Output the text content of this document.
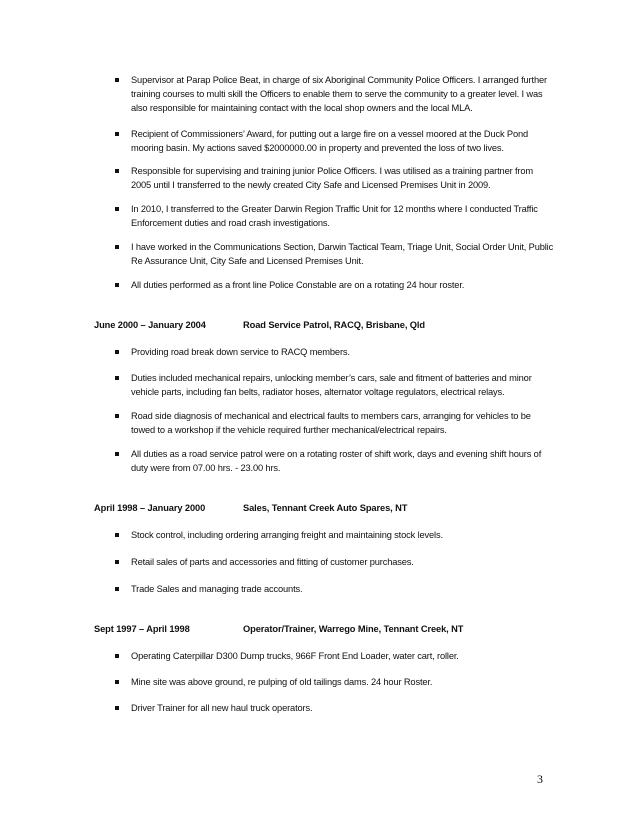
Supervisor at Parap Police Beat, in charge of six Aboriginal Community Police Officers. I arranged further training courses to multi skill the Officers to enable them to serve the community to a greater level. I was also responsible for maintaining contact with the local shop owners and the local MLA.
Recipient of Commissioners’ Award, for putting out a large fire on a vessel moored at the Duck Pond mooring basin. My actions saved $2000000.00 in property and prevented the loss of two lives.
Responsible for supervising and training junior Police Officers. I was utilised as a training partner from 2005 until I transferred to the newly created City Safe and Licensed Premises Unit in 2009.
In 2010, I transferred to the Greater Darwin Region Traffic Unit for 12 months where I conducted Traffic Enforcement duties and road crash investigations.
I have worked in the Communications Section, Darwin Tactical Team, Triage Unit, Social Order Unit, Public Re Assurance Unit, City Safe and Licensed Premises Unit.
All duties performed as a front line Police Constable are on a rotating 24 hour roster.
June 2000 – January 2004	Road Service Patrol, RACQ, Brisbane, Qld
Providing road break down service to RACQ members.
Duties included mechanical repairs, unlocking member’s cars, sale and fitment of batteries and minor vehicle parts, including fan belts, radiator hoses, alternator voltage regulators, electrical relays.
Road side diagnosis of mechanical and electrical faults to members cars, arranging for vehicles to be towed to a workshop if the vehicle required further mechanical/electrical repairs.
All duties as a road service patrol were on a rotating roster of shift work, days and evening shift hours of duty were from 07.00 hrs. - 23.00 hrs.
April 1998 – January 2000	Sales, Tennant Creek Auto Spares, NT
Stock control, including ordering arranging freight and maintaining stock levels.
Retail sales of parts and accessories and fitting of customer purchases.
Trade Sales and managing trade accounts.
Sept 1997 – April 1998	Operator/Trainer, Warrego Mine, Tennant Creek, NT
Operating Caterpillar D300 Dump trucks, 966F Front End Loader, water cart, roller.
Mine site was above ground, re pulping of old tailings dams. 24 hour Roster.
Driver Trainer for all new haul truck operators.
3
